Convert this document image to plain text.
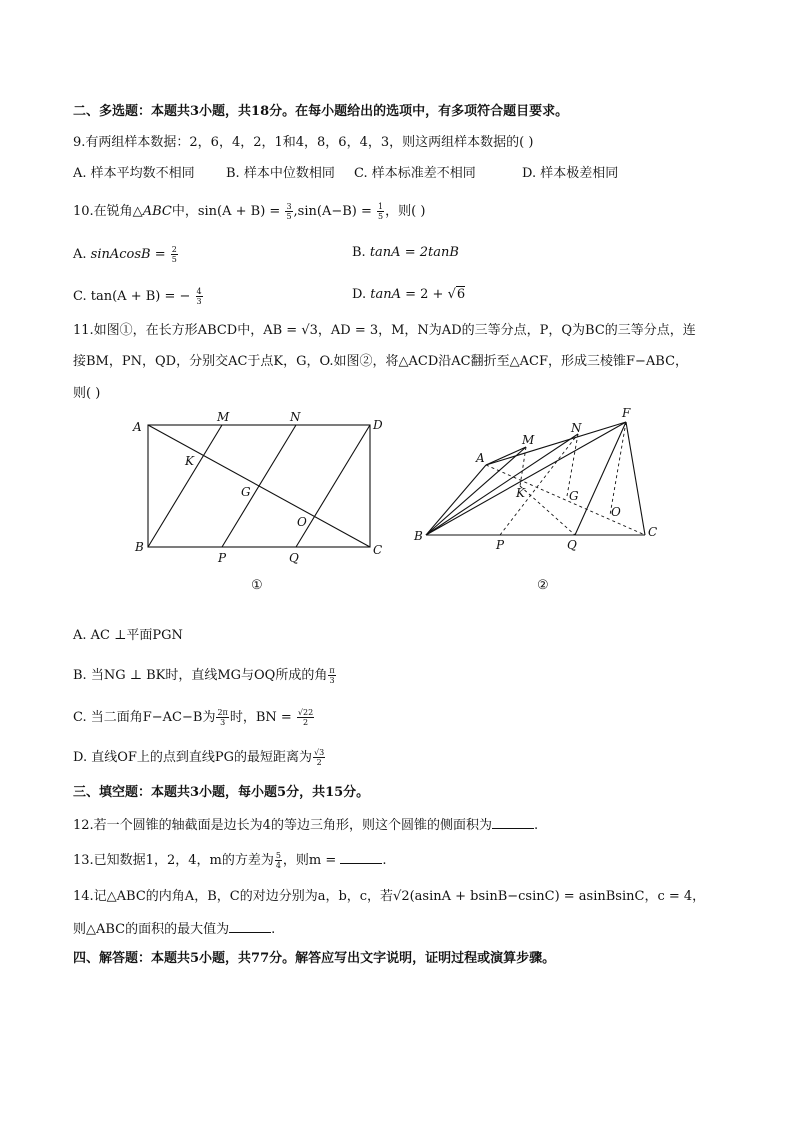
二、多选题：本题共3小题，共18分。在每小题给出的选项中，有多项符合题目要求。
9.有两组样本数据：2，6，4，2，1和4，8，6，4，3，则这两组样本数据的( )
A. 样本平均数不相同 B. 样本中位数相同 C. 样本标准差不相同	D. 样本极差相同
10.在锐角△ABC中，$\sin(A + B) = \frac{3}{5} ,\sin(A-B) = \frac{1}{5}$ ，则( )
A. sinAcosB = $\frac{2}{5}$	B. tanA = 2tanB
C. tan(A + B) = − $\frac{4}{3}$	D. tanA = 2 + √6
11.如图①，在长方形ABCD中，AB = √3，AD = 3，M，N为AD的三等分点，P，Q为BC的三等分点，连
接BM，PN，QD，分别交AC于点K，G，O.如图②，将△ACD沿AC翻折至△ACF，形成三棱锥F−ABC，
则( )
A
M	N
D
K
G
O
B
P	Q
C
F
N
M
A
K	G
O
B
P	Q
C
①	②
A. AC ⊥平面PGN
B. 当NG ⊥ BK时，直线MG与OQ所成的角 $\frac{\pi}{3}$
C. 当二面角F−AC−B为 $\frac{2\pi}{3}$ 时，BN = $\frac{√22}{2}$
D. 直线OF上的点到直线PG的最短距离为 $\frac{√3}{2}$
三、填空题：本题共3小题，每小题5分，共15分。
12.若一个圆锥的轴截面是边长为4的等边三角形，则这个圆锥的侧面积为	.
13.已知数据1，2，4，m的方差为 $\frac{5}{4}$ ，则m =	.
14.记△ABC的内角A，B，C的对边分别为a，b，c，若√2(asinA + bsinB−csinC) = asinBsinC，c = 4，
则△ABC的面积的最大值为	.
四、解答题：本题共5小题，共77分。解答应写出文字说明，证明过程或演算步骤。
